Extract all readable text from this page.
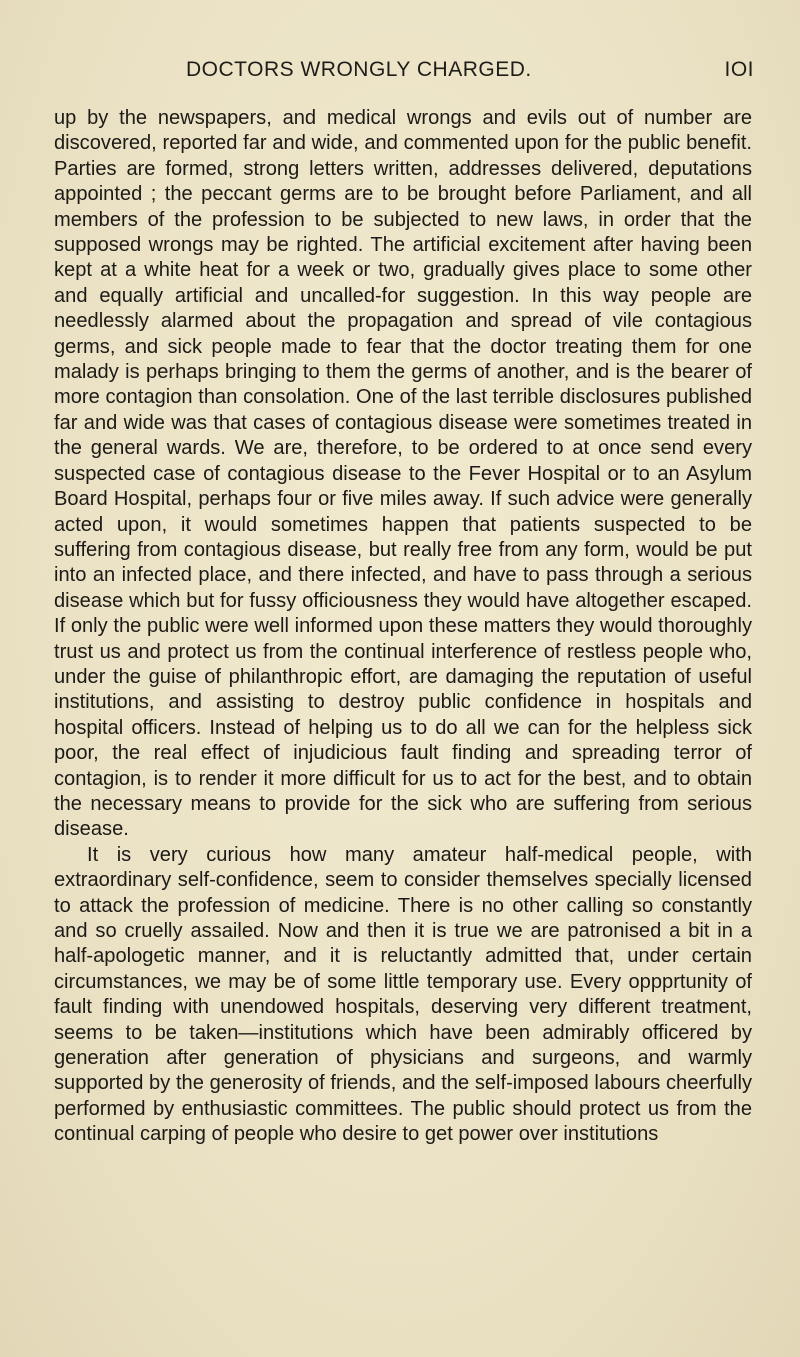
DOCTORS WRONGLY CHARGED.	IOI

up by the newspapers, and medical wrongs and evils out of number are discovered, reported far and wide, and commented upon for the public benefit. Parties are formed, strong letters written, addresses delivered, deputations appointed ; the peccant germs are to be brought before Parliament, and all members of the profession to be subjected to new laws, in order that the supposed wrongs may be righted. The artificial excitement after having been kept at a white heat for a week or two, gradually gives place to some other and equally artificial and uncalled-for suggestion. In this way people are needlessly alarmed about the propagation and spread of vile contagious germs, and sick people made to fear that the doctor treating them for one malady is perhaps bringing to them the germs of another, and is the bearer of more contagion than consolation. One of the last terrible disclosures published far and wide was that cases of contagious disease were sometimes treated in the general wards. We are, therefore, to be ordered to at once send every suspected case of contagious disease to the Fever Hospital or to an Asylum Board Hospital, perhaps four or five miles away. If such advice were generally acted upon, it would sometimes happen that patients suspected to be suffering from contagious disease, but really free from any form, would be put into an infected place, and there infected, and have to pass through a serious disease which but for fussy officiousness they would have altogether escaped. If only the public were well informed upon these matters they would thoroughly trust us and protect us from the continual interference of restless people who, under the guise of philanthropic effort, are damaging the reputation of useful institutions, and assisting to destroy public confidence in hospitals and hospital officers. Instead of helping us to do all we can for the helpless sick poor, the real effect of injudicious fault finding and spreading terror of contagion, is to render it more difficult for us to act for the best, and to obtain the necessary means to provide for the sick who are suffering from serious disease.

It is very curious how many amateur half-medical people, with extraordinary self-confidence, seem to consider themselves specially licensed to attack the profession of medicine. There is no other calling so constantly and so cruelly assailed. Now and then it is true we are patronised a bit in a half-apologetic manner, and it is reluctantly admitted that, under certain circumstances, we may be of some little temporary use. Every oppprtunity of fault finding with unendowed hospitals, deserving very different treatment, seems to be taken—institutions which have been admirably officered by generation after generation of physicians and surgeons, and warmly supported by the generosity of friends, and the self-imposed labours cheerfully performed by enthusiastic committees. The public should protect us from the continual carping of people who desire to get power over institutions
